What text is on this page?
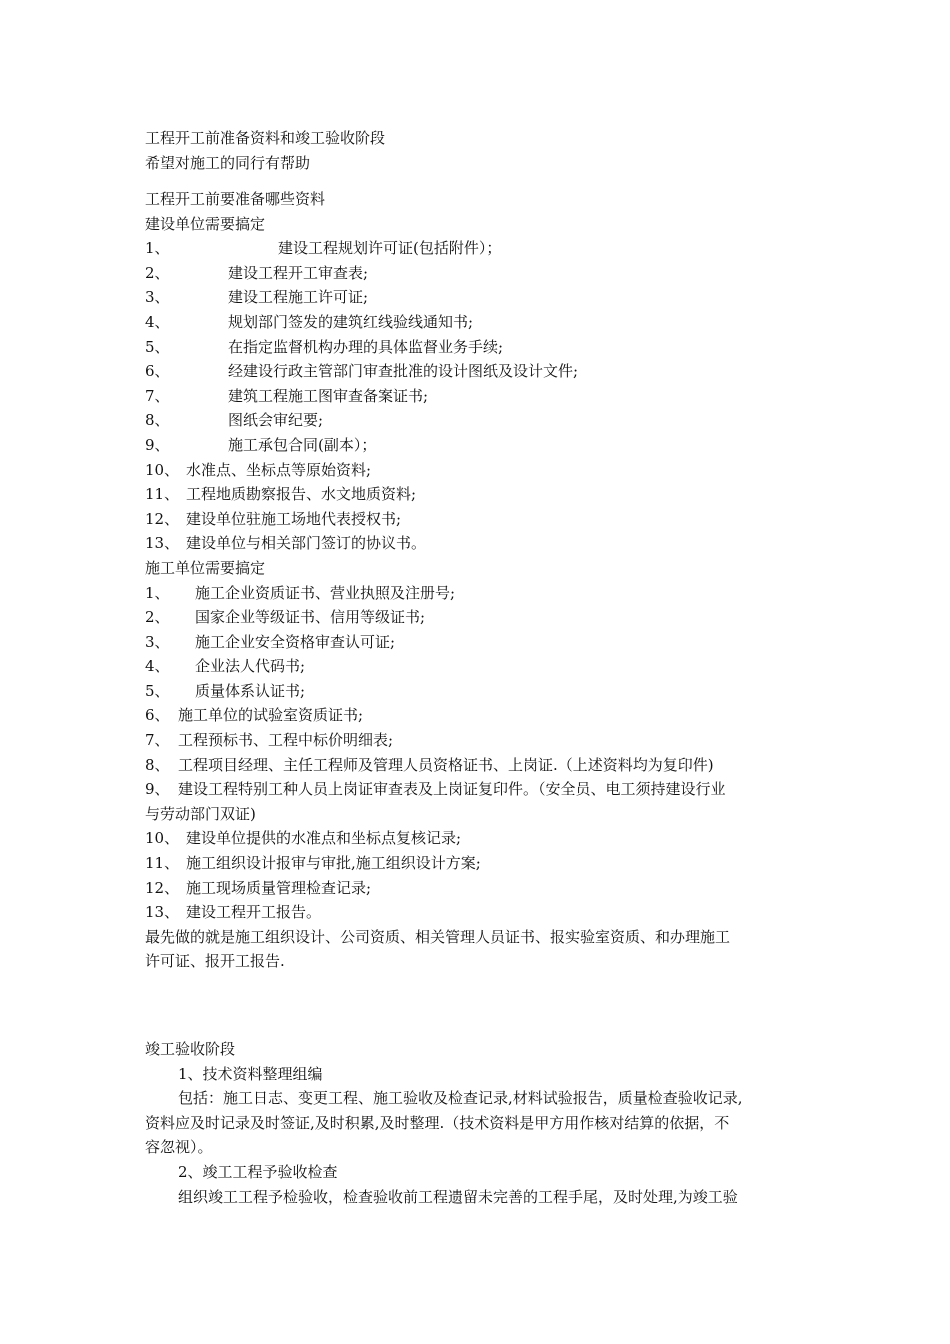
工程开工前准备资料和竣工验收阶段
希望对施工的同行有帮助
工程开工前要准备哪些资料
建设单位需要搞定
1、	建设工程规划许可证(包括附件）；
2、	建设工程开工审查表;
3、	建设工程施工许可证;
4、	规划部门签发的建筑红线验线通知书;
5、	在指定监督机构办理的具体监督业务手续;
6、	经建设行政主管部门审查批准的设计图纸及设计文件;
7、	建筑工程施工图审查备案证书;
8、	图纸会审纪要;
9、	施工承包合同(副本）；
10、 水准点、坐标点等原始资料;
11、 工程地质勘察报告、水文地质资料;
12、 建设单位驻施工场地代表授权书;
13、 建设单位与相关部门签订的协议书。
施工单位需要搞定
1、 施工企业资质证书、营业执照及注册号;
2、 国家企业等级证书、信用等级证书;
3、 施工企业安全资格审查认可证;
4、 企业法人代码书;
5、 质量体系认证书;
6、 施工单位的试验室资质证书;
7、 工程预标书、工程中标价明细表;
8、 工程项目经理、主任工程师及管理人员资格证书、上岗证.（上述资料均为复印件)
9、 建设工程特别工种人员上岗证审查表及上岗证复印件。（安全员、电工须持建设行业
与劳动部门双证)
10、 建设单位提供的水准点和坐标点复核记录;
11、 施工组织设计报审与审批,施工组织设计方案;
12、 施工现场质量管理检查记录;
13、 建设工程开工报告。
最先做的就是施工组织设计、公司资质、相关管理人员证书、报实验室资质、和办理施工
许可证、报开工报告.
竣工验收阶段
1、技术资料整理组编
包括：施工日志、变更工程、施工验收及检查记录,材料试验报告，质量检查验收记录,
资料应及时记录及时签证,及时积累,及时整理.（技术资料是甲方用作核对结算的依据，不
容忽视）。
2、竣工工程予验收检查
组织竣工工程予检验收，检查验收前工程遗留未完善的工程手尾，及时处理,为竣工验
